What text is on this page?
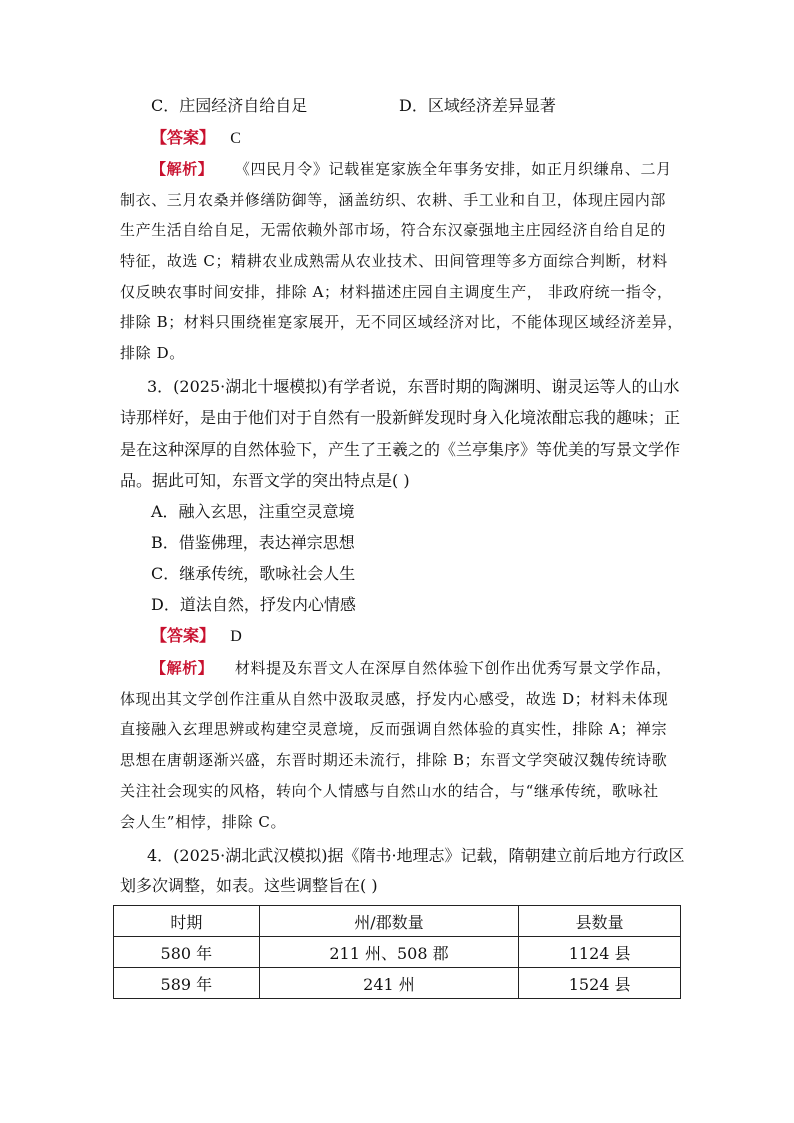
C．庄园经济自给自足	D．区域经济差异显著
【答案】 C
【解析】 《四民月令》记载崔寔家族全年事务安排，如正月织缣帛、二月
制衣、三月农桑并修缮防御等，涵盖纺织、农耕、手工业和自卫，体现庄园内部
生产生活自给自足，无需依赖外部市场，符合东汉豪强地主庄园经济自给自足的
特征，故选 C；精耕农业成熟需从农业技术、田间管理等多方面综合判断，材料
仅反映农事时间安排，排除 A；材料描述庄园自主调度生产， 非政府统一指令，
排除 B；材料只围绕崔寔家展开，无不同区域经济对比，不能体现区域经济差异，
排除 D。
3．(2025·湖北十堰模拟)有学者说，东晋时期的陶渊明、谢灵运等人的山水
诗那样好，是由于他们对于自然有一股新鲜发现时身入化境浓酣忘我的趣味；正
是在这种深厚的自然体验下，产生了王羲之的《兰亭集序》等优美的写景文学作
品。据此可知，东晋文学的突出特点是( )
A．融入玄思，注重空灵意境
B．借鉴佛理，表达禅宗思想
C．继承传统，歌咏社会人生
D．道法自然，抒发内心情感
【答案】 D
【解析】 材料提及东晋文人在深厚自然体验下创作出优秀写景文学作品，
体现出其文学创作注重从自然中汲取灵感，抒发内心感受，故选 D；材料未体现
直接融入玄理思辨或构建空灵意境，反而强调自然体验的真实性，排除 A；禅宗
思想在唐朝逐渐兴盛，东晋时期还未流行，排除 B；东晋文学突破汉魏传统诗歌
关注社会现实的风格，转向个人情感与自然山水的结合，与“继承传统，歌咏社
会人生”相悖，排除 C。
4．(2025·湖北武汉模拟)据《隋书·地理志》记载，隋朝建立前后地方行政区
划多次调整，如表。这些调整旨在( )
时期	州/郡数量	县数量
580 年	211 州、508 郡	1124 县
589 年	241 州	1524 县
